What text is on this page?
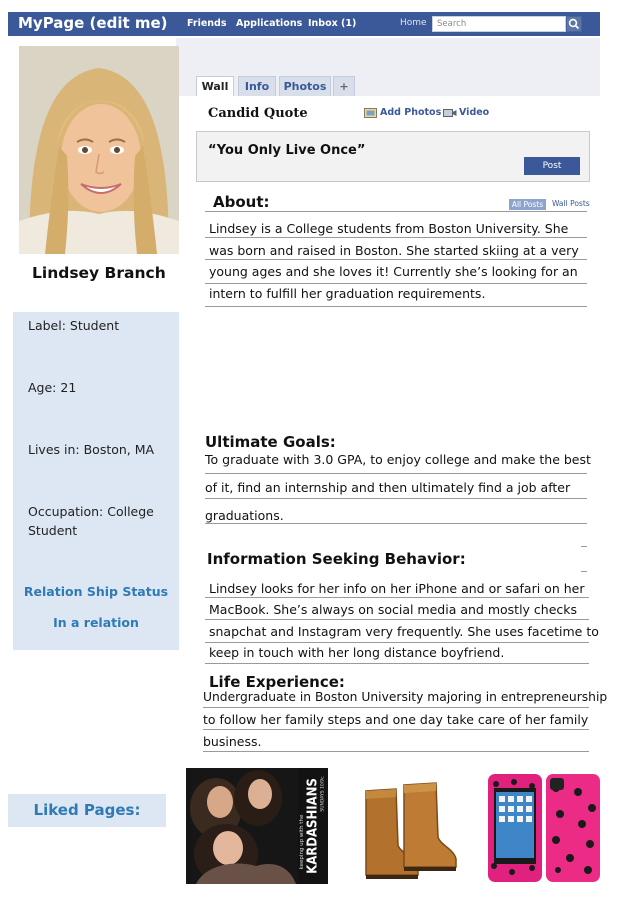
MyPage (edit me) Friends Applications Inbox (1)	Home	Search
Lindsey Branch
Label: Student
Age: 21
Lives in: Boston, MA
Occupation: College
Student
Relation Ship Status
In a relation
Wall	Info	Photos	+
Candid Quote	Add Photos Video
“You Only Live Once”
Post
About:	All Posts	Wall Posts
Lindsey is a College students from Boston University. She
was born and raised in Boston. She started skiing at a very
young ages and she loves it! Currently she’s looking for an
intern to fulfill her graduation requirements.
Ultimate Goals:
To graduate with 3.0 GPA, to enjoy college and make the best
of it, find an internship and then ultimately find a job after
graduations.
Information Seeking Behavior:
Lindsey looks for her info on her iPhone and or safari on her
MacBook. She’s always on social media and mostly checks
snapchat and Instagram very frequently. She uses facetime to
keep in touch with her long distance boyfriend.
Life Experience:
Undergraduate in Boston University majoring in entrepreneurship
to follow her family steps and one day take care of her family
business.
Liked Pages:	KARDASHIANS
keeping up with the
SUNDAYS 10/9c
